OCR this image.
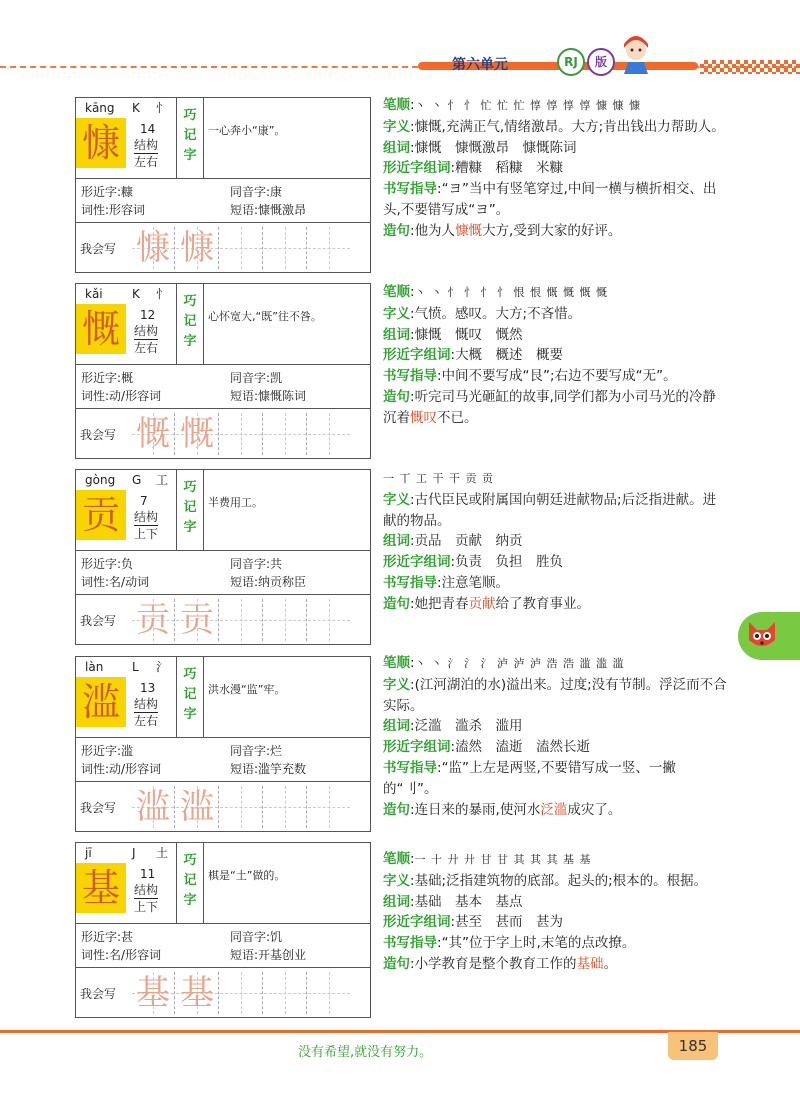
第六单元	RJ	版
kāng K 忄
慷	14
结构
左右
巧记字
一心奔小“康”。
形近字:糠	同音字:康
词性:形容词	短语:慷慨激昂
我会写 慷 慷
kǎi K 忄
慨	12
结构
左右
巧记字
心怀宽大,“既”往不咎。
形近字:概	同音字:凯
词性:动/形容词	短语:慷慨陈词
我会写 慨 慨
gòng G 工
贡	7
结构
上下
巧记字
半费用工。
形近字:负	同音字:共
词性:名/动词	短语:纳贡称臣
我会写 贡 贡
làn L 氵
滥	13
结构
左右
巧记字
洪水漫“监”牢。
形近字:滥	同音字:烂
词性:动/形容词	短语:滥竽充数
我会写 滥 滥
jī	J 土
基	11
结构
上下
巧记字
棋是“土”做的。
形近字:甚	同音字:饥
词性:名/形容词	短语:开基创业
我会写 基 基
笔顺:丶 丶 忄 忄 忙 忙 忙 惇 惇 惇 惇 慷 慷 慷
字义:慷慨,充满正气,情绪激昂。大方;肯出钱出力帮助人。
组词:慷慨　慷慨激昂　慷慨陈词
形近字组词:糟糠　稻糠　米糠
书写指导:“ヨ”当中有竖笔穿过,中间一横与横折相交、出头,不要错写成“ヨ”。
造句:他为人慷慨大方,受到大家的好评。
笔顺:丶 丶 忄 忄 忄 忄 恨 恨 慨 慨 慨 慨
字义:气愤。感叹。大方;不吝惜。
组词:慷慨　慨叹　慨然
形近字组词:大概　概述　概要
书写指导:中间不要写成“艮”;右边不要写成“无”。
造句:听完司马光砸缸的故事,同学们都为小司马光的冷静沉着慨叹不已。
一 丅 工 干 干 贡 贡
字义:古代臣民或附属国向朝廷进献物品;后泛指进献。进献的物品。
组词:贡品　贡献　纳贡
形近字组词:负责　负担　胜负
书写指导:注意笔顺。
造句:她把青春贡献给了教育事业。
笔顺:丶 丶 氵 氵 氵 泸 泸 泸 浩 浩 滥 滥 滥
字义:(江河湖泊的水)溢出来。过度;没有节制。浮泛而不合实际。
组词:泛滥　滥杀　滥用
形近字组词:溘然　溘逝　溘然长逝
书写指导:“监”上左是两竖,不要错写成一竖、一撇的“刂”。
造句:连日来的暴雨,使河水泛滥成灾了。
笔顺:一 十 廾 廾 甘 甘 其 其 其 基 基
字义:基础;泛指建筑物的底部。起头的;根本的。根据。
组词:基础　基本　基点
形近字组词:甚至　甚而　甚为
书写指导:“其”位于字上时,末笔的点改撩。
造句:小学教育是整个教育工作的基础。
没有希望,就没有努力。	185
